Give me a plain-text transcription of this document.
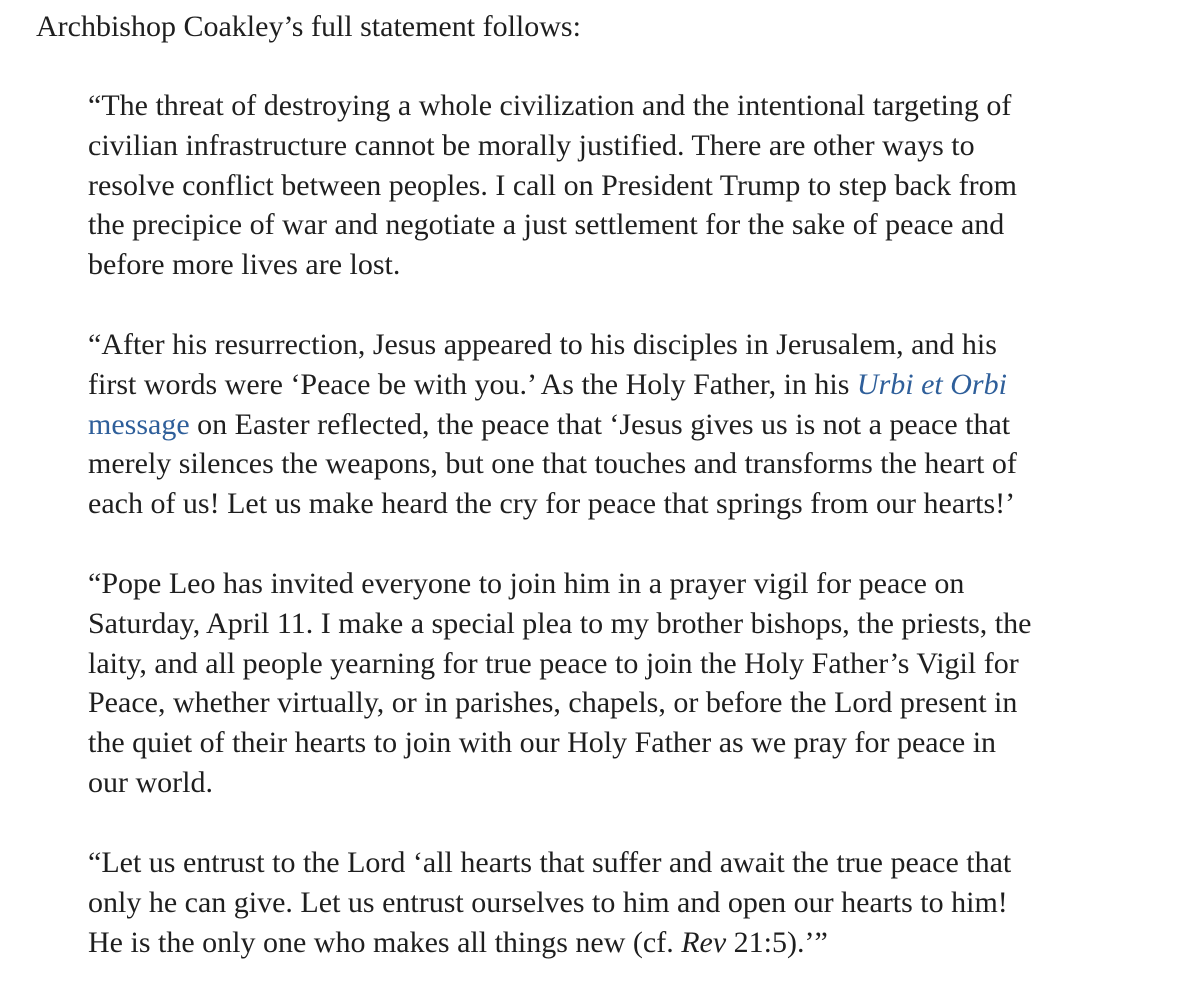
Archbishop Coakley’s full statement follows:

“The threat of destroying a whole civilization and the intentional targeting of
civilian infrastructure cannot be morally justified. There are other ways to
resolve conflict between peoples. I call on President Trump to step back from
the precipice of war and negotiate a just settlement for the sake of peace and
before more lives are lost.

“After his resurrection, Jesus appeared to his disciples in Jerusalem, and his
first words were ‘Peace be with you.’ As the Holy Father, in his Urbi et Orbi
message on Easter reflected, the peace that ‘Jesus gives us is not a peace that
merely silences the weapons, but one that touches and transforms the heart of
each of us! Let us make heard the cry for peace that springs from our hearts!’

“Pope Leo has invited everyone to join him in a prayer vigil for peace on
Saturday, April 11. I make a special plea to my brother bishops, the priests, the
laity, and all people yearning for true peace to join the Holy Father’s Vigil for
Peace, whether virtually, or in parishes, chapels, or before the Lord present in
the quiet of their hearts to join with our Holy Father as we pray for peace in
our world.

“Let us entrust to the Lord ‘all hearts that suffer and await the true peace that
only he can give. Let us entrust ourselves to him and open our hearts to him!
He is the only one who makes all things new (cf. Rev 21:5).’”
